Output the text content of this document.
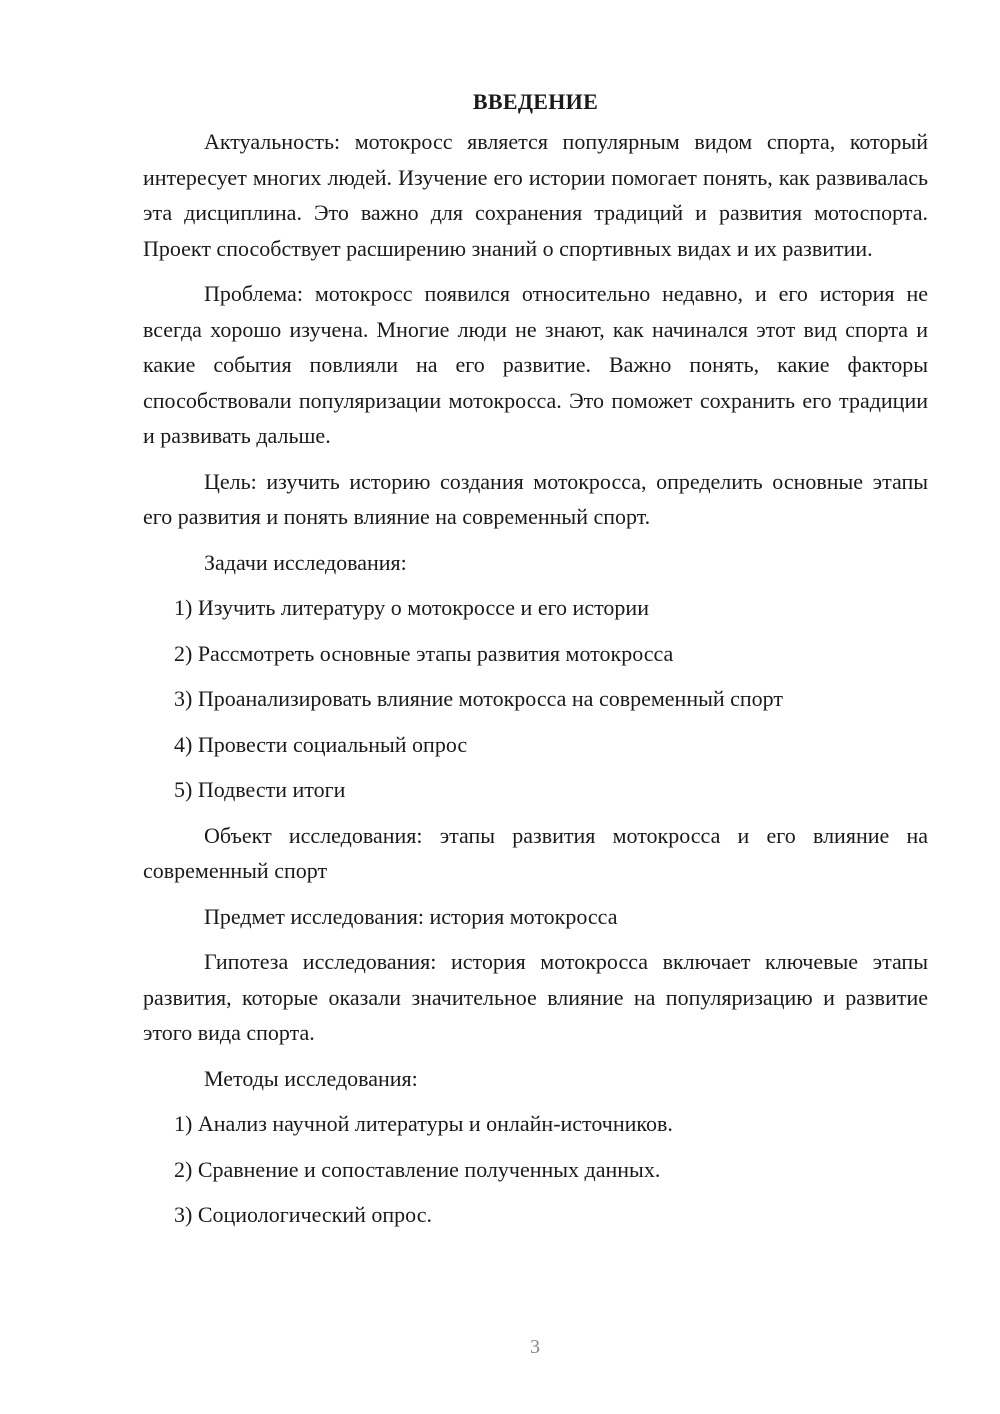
ВВЕДЕНИЕ

Актуальность: мотокросс является популярным видом спорта, который интересует многих людей. Изучение его истории помогает понять, как развивалась эта дисциплина. Это важно для сохранения традиций и развития мотоспорта. Проект способствует расширению знаний о спортивных видах и их развитии.

Проблема: мотокросс появился относительно недавно, и его история не всегда хорошо изучена. Многие люди не знают, как начинался этот вид спорта и какие события повлияли на его развитие. Важно понять, какие факторы способствовали популяризации мотокросса. Это поможет сохранить его традиции и развивать дальше.

Цель: изучить историю создания мотокросса, определить основные этапы его развития и понять влияние на современный спорт.

Задачи исследования:

1) Изучить литературу о мотокроссе и его истории
2) Рассмотреть основные этапы развития мотокросса
3) Проанализировать влияние мотокросса на современный спорт
4) Провести социальный опрос
5) Подвести итоги

Объект исследования: этапы развития мотокросса и его влияние на современный спорт

Предмет исследования: история мотокросса

Гипотеза исследования: история мотокросса включает ключевые этапы развития, которые оказали значительное влияние на популяризацию и развитие этого вида спорта.

Методы исследования:

1) Анализ научной литературы и онлайн-источников.
2) Сравнение и сопоставление полученных данных.
3) Социологический опрос.
3
